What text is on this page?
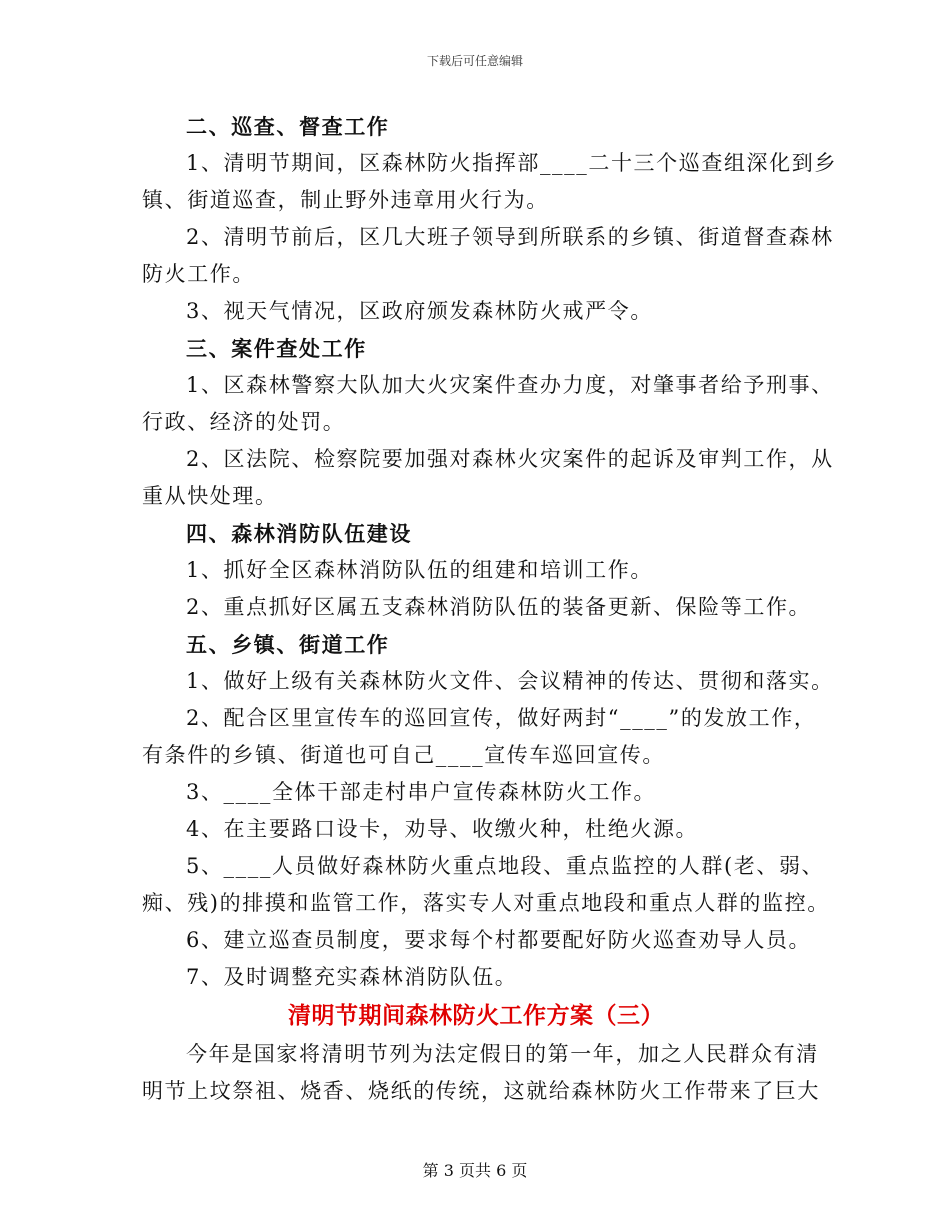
下载后可任意编辑
二、巡查、督查工作
1、清明节期间，区森林防火指挥部____二十三个巡查组深化到乡
镇、街道巡查，制止野外违章用火行为。
2、清明节前后，区几大班子领导到所联系的乡镇、街道督查森林
防火工作。
3、视天气情况，区政府颁发森林防火戒严令。
三、案件查处工作
1、区森林警察大队加大火灾案件查办力度，对肇事者给予刑事、
行政、经济的处罚。
2、区法院、检察院要加强对森林火灾案件的起诉及审判工作，从
重从快处理。
四、森林消防队伍建设
1、抓好全区森林消防队伍的组建和培训工作。
2、重点抓好区属五支森林消防队伍的装备更新、保险等工作。
五、乡镇、街道工作
1、做好上级有关森林防火文件、会议精神的传达、贯彻和落实。
2、配合区里宣传车的巡回宣传，做好两封“____”的发放工作，
有条件的乡镇、街道也可自己____宣传车巡回宣传。
3、____全体干部走村串户宣传森林防火工作。
4、在主要路口设卡，劝导、收缴火种，杜绝火源。
5、____人员做好森林防火重点地段、重点监控的人群(老、弱、
痴、残)的排摸和监管工作，落实专人对重点地段和重点人群的监控。
6、建立巡查员制度，要求每个村都要配好防火巡查劝导人员。
7、及时调整充实森林消防队伍。
清明节期间森林防火工作方案（三）
今年是国家将清明节列为法定假日的第一年，加之人民群众有清
明节上坟祭祖、烧香、烧纸的传统，这就给森林防火工作带来了巨大
第 3 页共 6 页
